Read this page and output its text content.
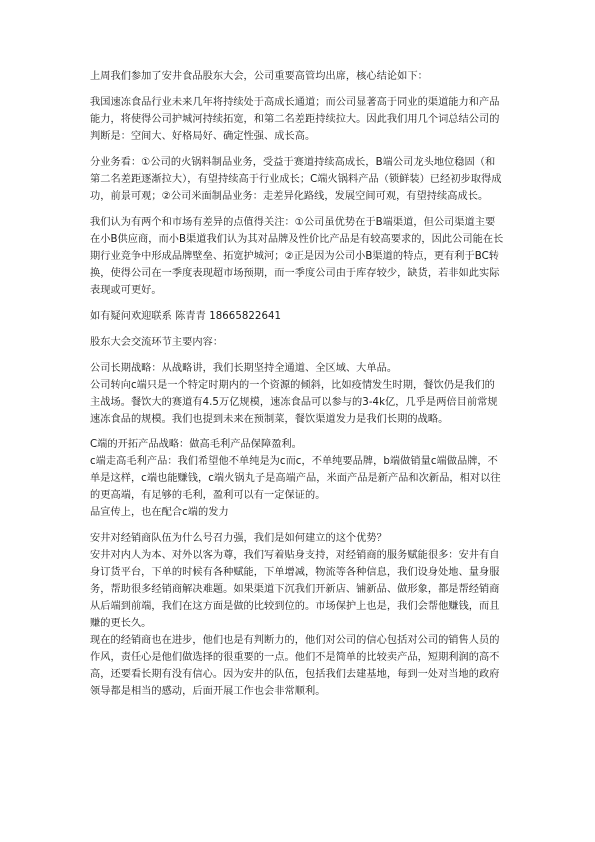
上周我们参加了安井食品股东大会，公司重要高管均出席，核心结论如下：

我国速冻食品行业未来几年将持续处于高成长通道；而公司显著高于同业的渠道能力和产品能力，将使得公司护城河持续拓宽，和第二名差距持续拉大。因此我们用几个词总结公司的判断是：空间大、好格局好、确定性强、成长高。

分业务看：①公司的火锅料制品业务，受益于赛道持续高成长，B端公司龙头地位稳固（和第二名差距逐渐拉大），有望持续高于行业成长；C端火锅料产品（锁鲜装）已经初步取得成功，前景可观；②公司米面制品业务：走差异化路线，发展空间可观，有望持续高成长。

我们认为有两个和市场有差异的点值得关注：①公司虽优势在于B端渠道，但公司渠道主要在小B供应商，而小B渠道我们认为其对品牌及性价比产品是有较高要求的，因此公司能在长期行业竞争中形成品牌壁垒、拓宽护城河；②正是因为公司小B渠道的特点，更有利于BC转换，使得公司在一季度表现超市场预期，而一季度公司由于库存较少，缺货，若非如此实际表现或可更好。

如有疑问欢迎联系 陈青青 18665822641

股东大会交流环节主要内容：

公司长期战略：从战略讲，我们长期坚持全通道、全区域、大单品。

公司转向c端只是一个特定时期内的一个资源的倾斜，比如疫情发生时期，餐饮仍是我们的主战场。餐饮大的赛道有4.5万亿规模，速冻食品可以参与的3-4k亿，几乎是两倍目前常规速冻食品的规模。我们也提到未来在预制菜，餐饮渠道发力是我们长期的战略。

C端的开拓产品战略：做高毛利产品保障盈利。

c端走高毛利产品：我们希望他不单纯是为c而c，不单纯要品牌，b端做销量c端做品牌，不单是这样，c端也能赚钱，c端火锅丸子是高端产品，米面产品是新产品和次新品，相对以往的更高端，有足够的毛利，盈利可以有一定保证的。

品宣传上，也在配合c端的发力

安井对经销商队伍为什么号召力强，我们是如何建立的这个优势？

安井对内人为本、对外以客为尊，我们写着贴身支持，对经销商的服务赋能很多：安井有自身订货平台，下单的时候有各种赋能，下单增减，物流等各种信息，我们设身处地、量身服务，帮助很多经销商解决难题。如果渠道下沉我们开新店、铺新品、做形象，都是帮经销商从后端到前端，我们在这方面是做的比较到位的。市场保护上也是，我们会帮他赚钱，而且赚的更长久。

现在的经销商也在进步，他们也是有判断力的，他们对公司的信心包括对公司的销售人员的作风，责任心是他们做选择的很重要的一点。他们不是简单的比较卖产品，短期利润的高不高，还要看长期有没有信心。因为安井的队伍，包括我们去建基地，每到一处对当地的政府领导都是相当的感动，后面开展工作也会非常顺利。
